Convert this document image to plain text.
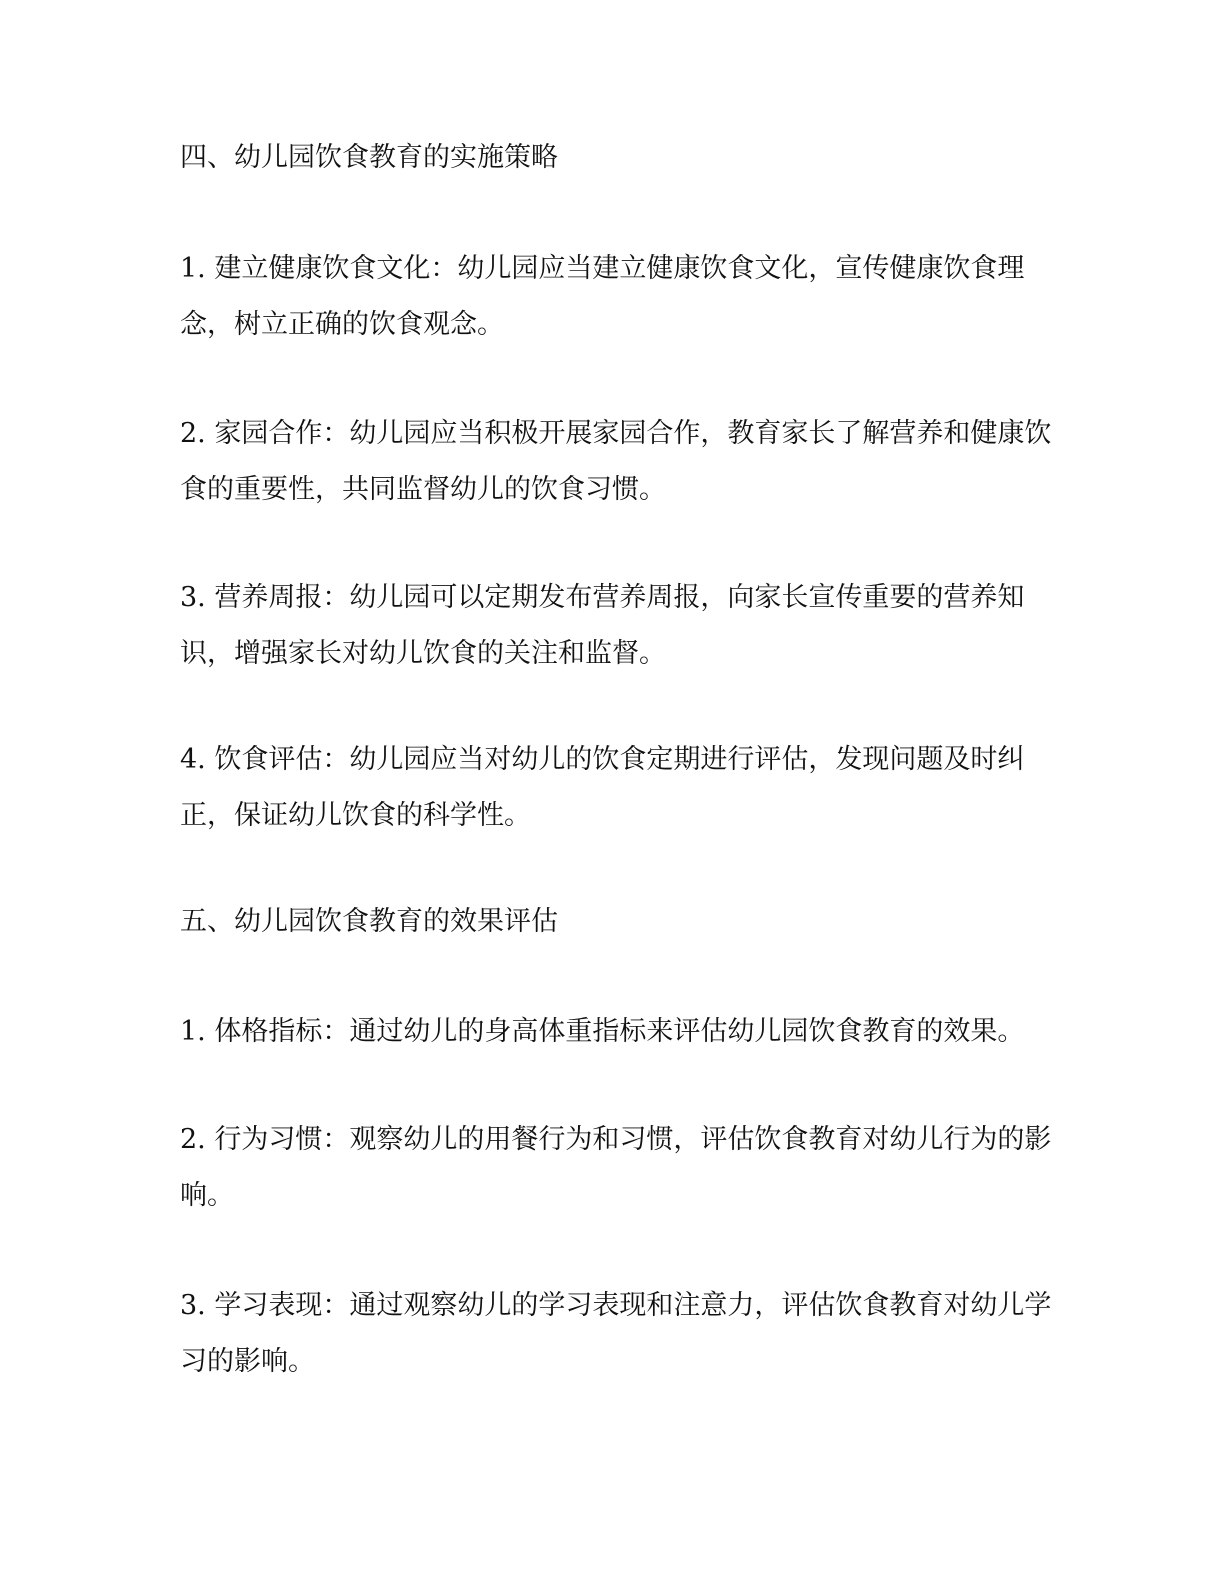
四、幼儿园饮食教育的实施策略

1. 建立健康饮食文化：幼儿园应当建立健康饮食文化，宣传健康饮食理念，树立正确的饮食观念。

2. 家园合作：幼儿园应当积极开展家园合作，教育家长了解营养和健康饮食的重要性，共同监督幼儿的饮食习惯。

3. 营养周报：幼儿园可以定期发布营养周报，向家长宣传重要的营养知识，增强家长对幼儿饮食的关注和监督。

4. 饮食评估：幼儿园应当对幼儿的饮食定期进行评估，发现问题及时纠正，保证幼儿饮食的科学性。

五、幼儿园饮食教育的效果评估

1. 体格指标：通过幼儿的身高体重指标来评估幼儿园饮食教育的效果。

2. 行为习惯：观察幼儿的用餐行为和习惯，评估饮食教育对幼儿行为的影响。

3. 学习表现：通过观察幼儿的学习表现和注意力，评估饮食教育对幼儿学习的影响。
